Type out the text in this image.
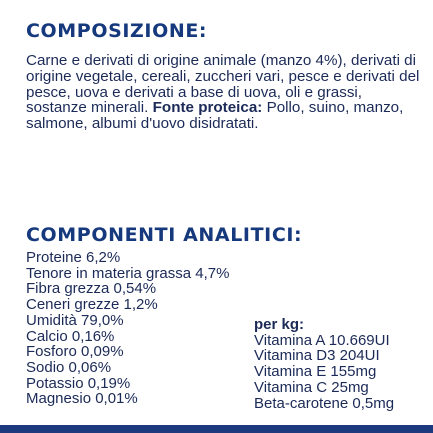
COMPOSIZIONE:

Carne e derivati di origine animale (manzo 4%), derivati di origine vegetale, cereali, zuccheri vari, pesce e derivati del pesce, uova e derivati a base di uova, oli e grassi, sostanze minerali. Fonte proteica: Pollo, suino, manzo, salmone, albumi d'uovo disidratati.

COMPONENTI ANALITICI:
Proteine 6,2%
Tenore in materia grassa 4,7%
Fibra grezza 0,54%
Ceneri grezze 1,2%
Umidità 79,0%
Calcio 0,16%
Fosforo 0,09%
Sodio 0,06%
Potassio 0,19%
Magnesio 0,01%
per kg:
Vitamina A 10.669UI
Vitamina D3 204UI
Vitamina E 155mg
Vitamina C 25mg
Beta-carotene 0,5mg
